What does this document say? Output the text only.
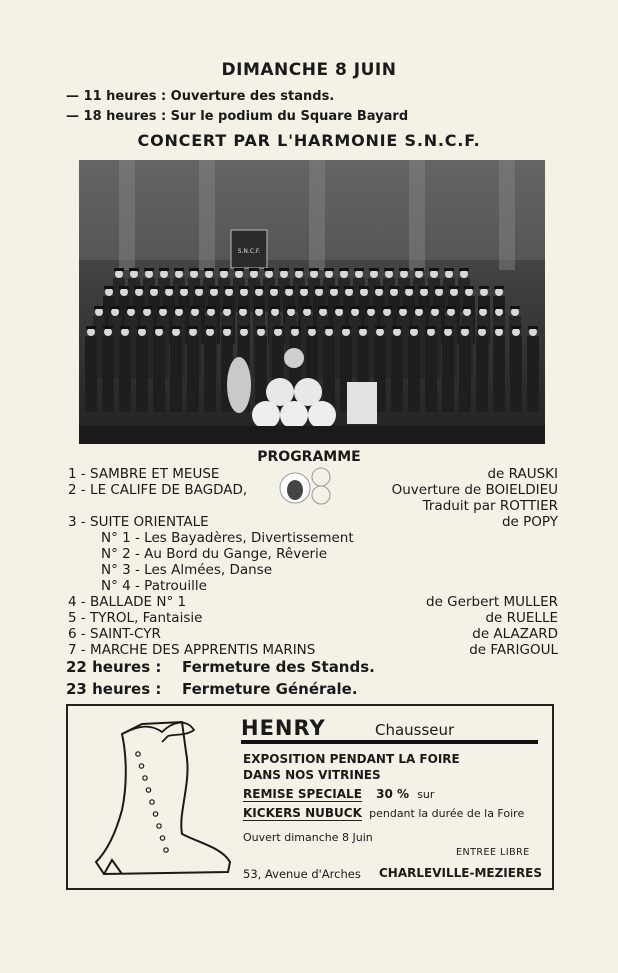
DIMANCHE 8 JUIN
— 11 heures : Ouverture des stands.
— 18 heures : Sur le podium du Square Bayard
CONCERT PAR L'HARMONIE S.N.C.F.
S.N.C.F.
PROGRAMME
1 - SAMBRE ET MEUSE	de RAUSKI
2 - LE CALIFE DE BAGDAD,	Ouverture de BOIELDIEU
Traduit par ROTTIER
3 - SUITE ORIENTALE	de POPY
N° 1 - Les Bayadères, Divertissement
N° 2 - Au Bord du Gange, Rêverie
N° 3 - Les Almées, Danse
N° 4 - Patrouille
4 - BALLADE N° 1	de Gerbert MULLER
5 - TYROL, Fantaisie	de RUELLE
6 - SAINT-CYR	de ALAZARD
7 - MARCHE DES APPRENTIS MARINS	de FARIGOUL
22 heures : Fermeture des Stands.
23 heures : Fermeture Générale.
HENRY	Chausseur
EXPOSITION PENDANT LA FOIRE
DANS NOS VITRINES
REMISE SPECIALE 30 % sur
KICKERS NUBUCK pendant la durée de la Foire
Ouvert dimanche 8 Juin
ENTREE LIBRE
53, Avenue d'Arches CHARLEVILLE-MEZIERES
